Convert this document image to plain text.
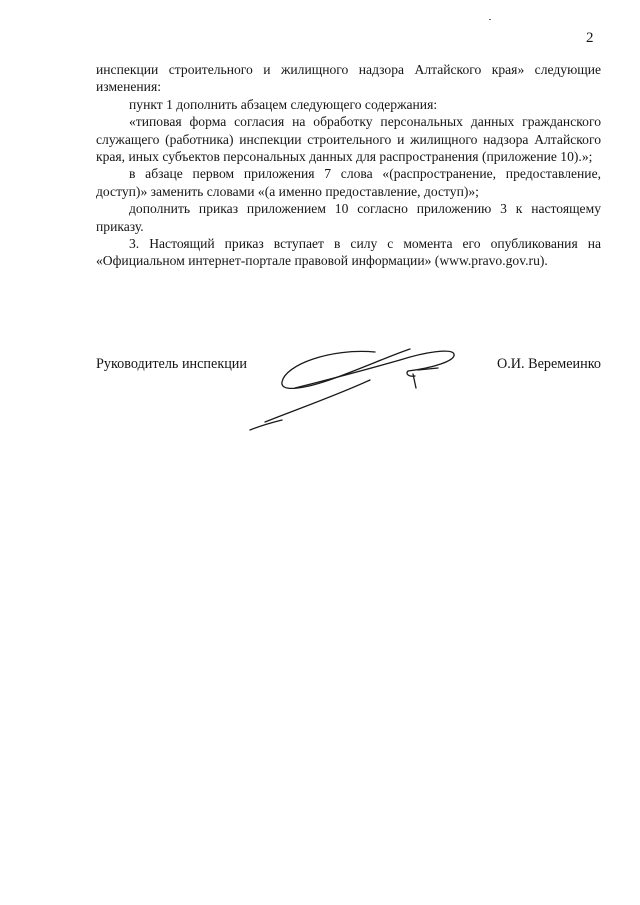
2

инспекции строительного и жилищного надзора Алтайского края» следующие изменения:

пункт 1 дополнить абзацем следующего содержания:

«типовая форма согласия на обработку персональных данных гражданского служащего (работника) инспекции строительного и жилищного надзора Алтайского края, иных субъектов персональных данных для распространения (приложение 10).»;

в абзаце первом приложения 7 слова «(распространение, предоставление, доступ)» заменить словами «(а именно предоставление, доступ)»;

дополнить приказ приложением 10 согласно приложению 3 к настоящему приказу.

3. Настоящий приказ вступает в силу с момента его опубликования на «Официальном интернет-портале правовой информации» (www.pravo.gov.ru).

Руководитель инспекции	О.И. Веремеинко
